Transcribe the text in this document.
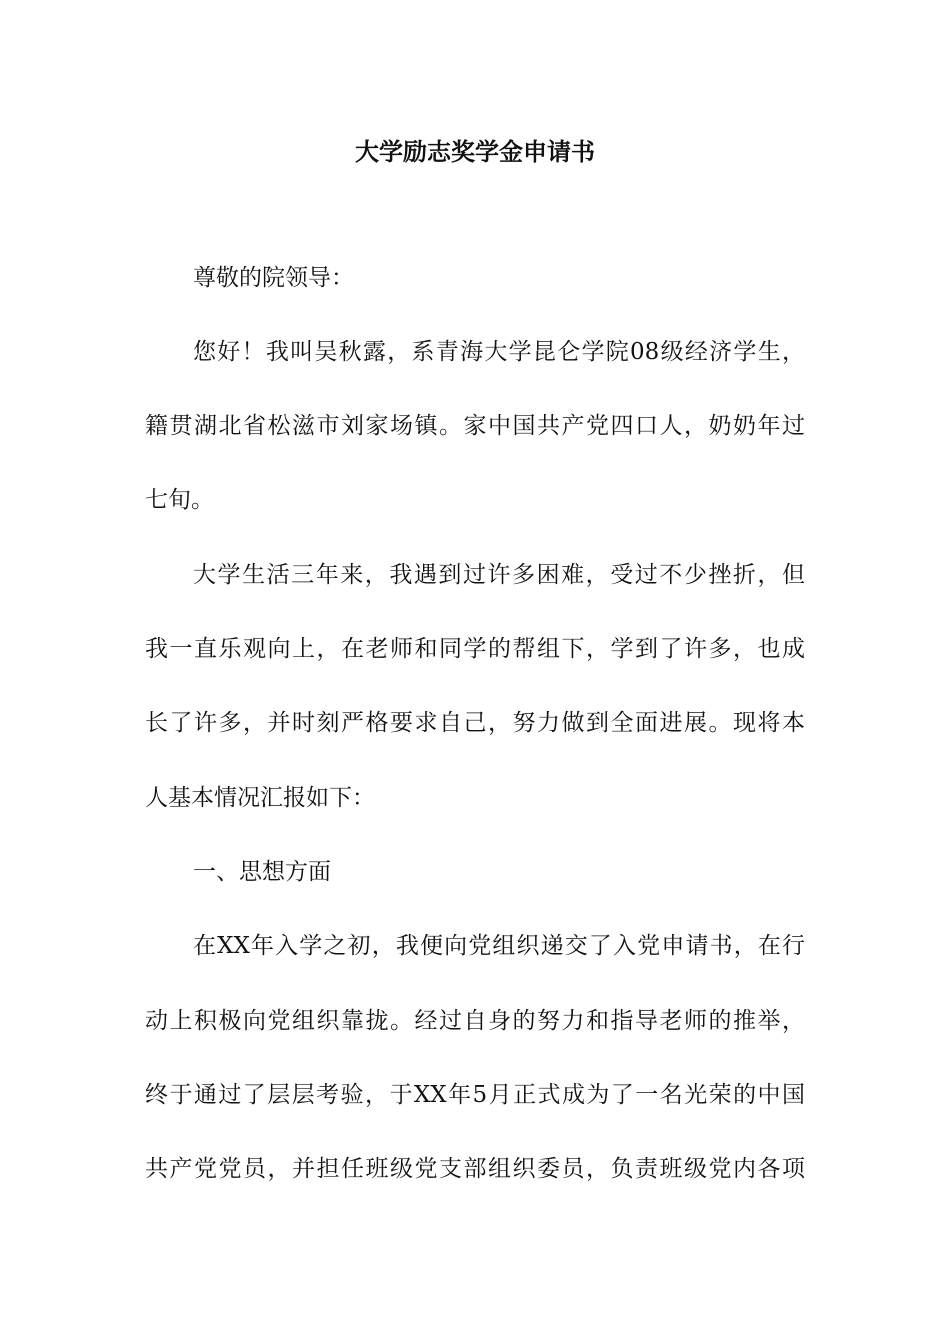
大学励志奖学金申请书
尊敬的院领导：
您好！我叫吴秋露，系青海大学昆仑学院08级经济学生，
籍贯湖北省松滋市刘家场镇。家中国共产党四口人，奶奶年过
七旬。
大学生活三年来，我遇到过许多困难，受过不少挫折，但
我一直乐观向上，在老师和同学的帮组下，学到了许多，也成
长了许多，并时刻严格要求自己，努力做到全面进展。现将本
人基本情况汇报如下：
一、思想方面
在XX年入学之初，我便向党组织递交了入党申请书，在行
动上积极向党组织靠拢。经过自身的努力和指导老师的推举，
终于通过了层层考验，于XX年5月正式成为了一名光荣的中国
共产党党员，并担任班级党支部组织委员，负责班级党内各项
